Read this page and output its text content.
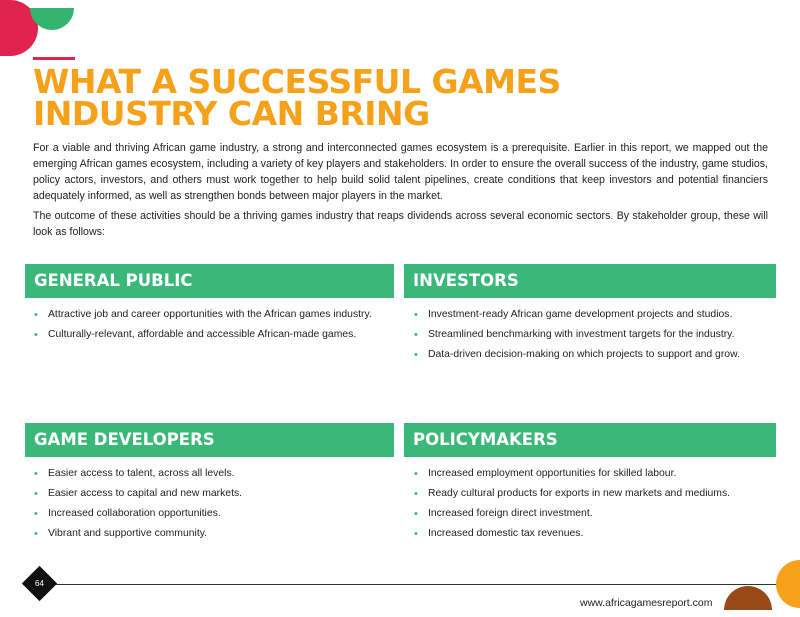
WHAT A SUCCESSFUL GAMES
INDUSTRY CAN BRING

For a viable and thriving African game industry, a strong and interconnected games ecosystem is a prerequisite. Earlier in this report, we mapped out the emerging African games ecosystem, including a variety of key players and stakeholders. In order to ensure the overall success of the industry, game studios, policy actors, investors, and others must work together to help build solid talent pipelines, create conditions that keep investors and potential financiers adequately informed, as well as strengthen bonds between major players in the market.

The outcome of these activities should be a thriving games industry that reaps dividends across several economic sectors. By stakeholder group, these will look as follows:

GENERAL PUBLIC
• Attractive job and career opportunities with the African games industry.
• Culturally-relevant, affordable and accessible African-made games.
INVESTORS
• Investment-ready African game development projects and studios.
• Streamlined benchmarking with investment targets for the industry.
• Data-driven decision-making on which projects to support and grow.
GAME DEVELOPERS
• Easier access to talent, across all levels.
• Easier access to capital and new markets.
• Increased collaboration opportunities.
• Vibrant and supportive community.
POLICYMAKERS
• Increased employment opportunities for skilled labour.
• Ready cultural products for exports in new markets and mediums.
• Increased foreign direct investment.
• Increased domestic tax revenues.
64
www.africagamesreport.com
